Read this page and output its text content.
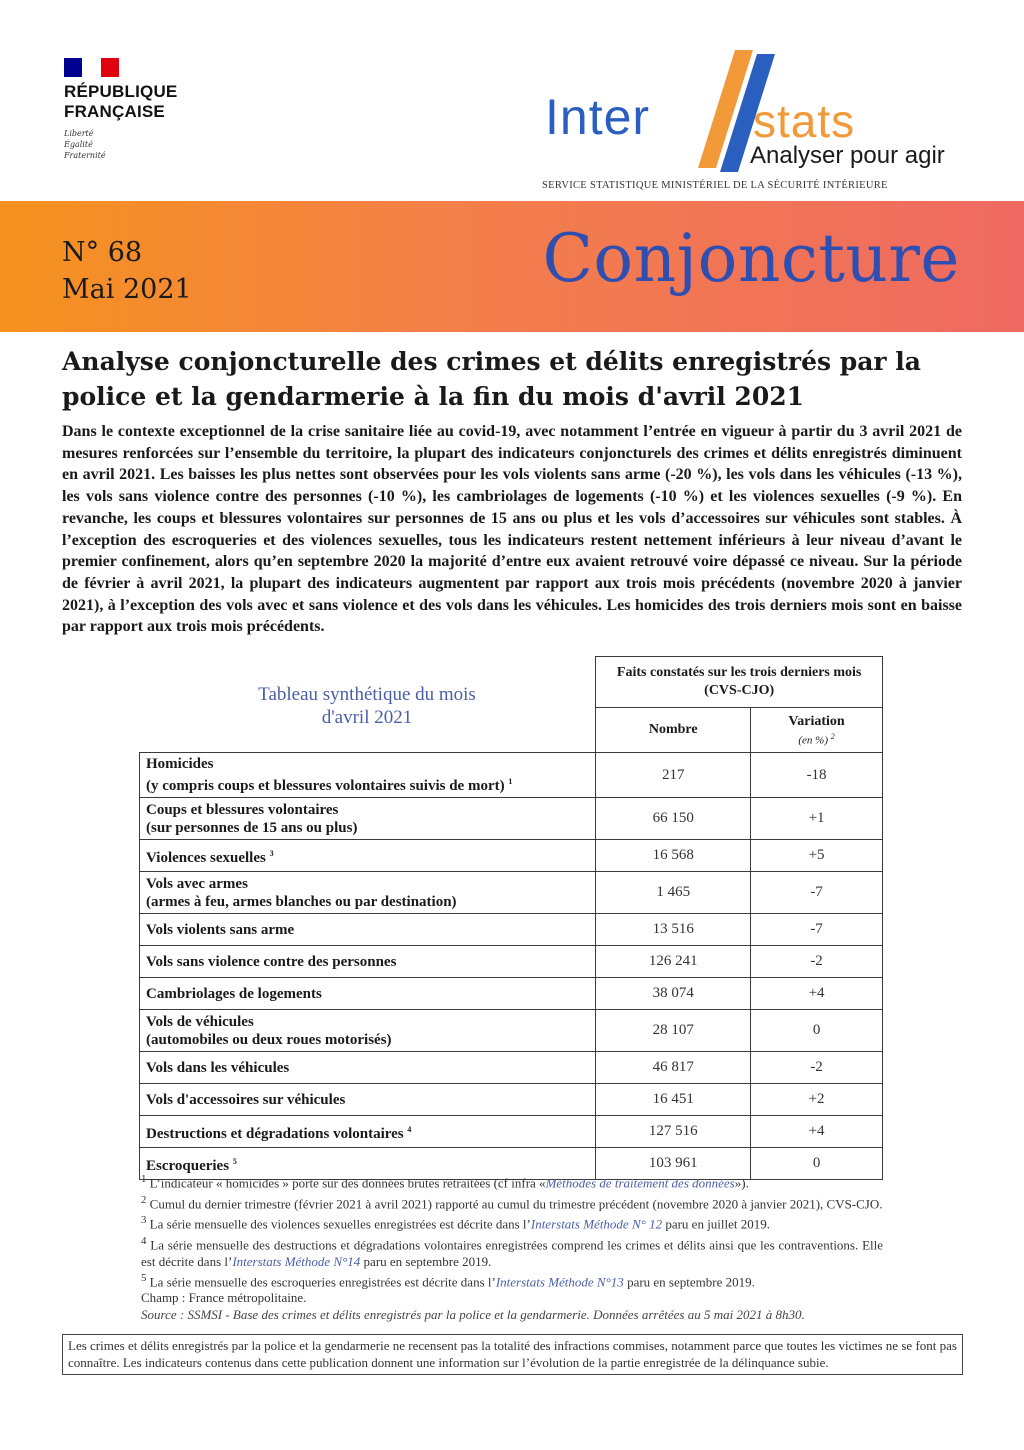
RÉPUBLIQUE
FRANÇAISE
Liberté
Égalité
Fraternité
Inter stats
Analyser pour agir
SERVICE STATISTIQUE MINISTÉRIEL DE LA SÉCURITÉ INTÉRIEURE
N° 68
Mai 2021	Conjoncture
Analyse conjoncturelle des crimes et délits enregistrés par la police et la gendarmerie à la fin du mois d'avril 2021

Dans le contexte exceptionnel de la crise sanitaire liée au covid-19, avec notamment l’entrée en vigueur à partir du 3 avril 2021 de mesures renforcées sur l’ensemble du territoire, la plupart des indicateurs conjoncturels des crimes et délits enregistrés diminuent en avril 2021. Les baisses les plus nettes sont observées pour les vols violents sans arme (-20 %), les vols dans les véhicules (-13 %), les vols sans violence contre des personnes (-10 %), les cambriolages de logements (-10 %) et les violences sexuelles (-9 %). En revanche, les coups et blessures volontaires sur personnes de 15 ans ou plus et les vols d’accessoires sur véhicules sont stables. À l’exception des escroqueries et des violences sexuelles, tous les indicateurs restent nettement inférieurs à leur niveau d’avant le premier confinement, alors qu’en septembre 2020 la majorité d’entre eux avaient retrouvé voire dépassé ce niveau. Sur la période de février à avril 2021, la plupart des indicateurs augmentent par rapport aux trois mois précédents (novembre 2020 à janvier 2021), à l’exception des vols avec et sans violence et des vols dans les véhicules. Les homicides des trois derniers mois sont en baisse par rapport aux trois mois précédents.

Tableau synthétique du mois
d'avril 2021
	Faits constatés sur les trois derniers mois (CVS-CJO)	
	Nombre	Variation
(en %) $^2$

Homicides
(y compris coups et blessures volontaires suivis de mort) $^1$	217	-18
Coups et blessures volontaires
(sur personnes de 15 ans ou plus)	66 150	+1
Violences sexuelles $^3$	16 568	+5
Vols avec armes
(armes à feu, armes blanches ou par destination)	1 465	-7
Vols violents sans arme	13 516	-7
Vols sans violence contre des personnes	126 241	-2
Cambriolages de logements	38 074	+4
Vols de véhicules
(automobiles ou deux roues motorisés)	28 107	0
Vols dans les véhicules	46 817	-2
Vols d'accessoires sur véhicules	16 451	+2
Destructions et dégradations volontaires $^4$	127 516	+4
Escroqueries $^5$	103 961	0

$^1$ L’indicateur « homicides » porte sur des données brutes retraitées (cf infra «Méthodes de traitement des données»).

$^2$ Cumul du dernier trimestre (février 2021 à avril 2021) rapporté au cumul du trimestre précédent (novembre 2020 à janvier 2021), CVS-CJO.

$^3$ La série mensuelle des violences sexuelles enregistrées est décrite dans l’Interstats Méthode N° 12 paru en juillet 2019.

$^4$ La série mensuelle des destructions et dégradations volontaires enregistrées comprend les crimes et délits ainsi que les contraventions. Elle est décrite dans l’Interstats Méthode N°14 paru en septembre 2019.

$^5$ La série mensuelle des escroqueries enregistrées est décrite dans l’Interstats Méthode N°13 paru en septembre 2019.

Champ : France métropolitaine.

Source : SSMSI - Base des crimes et délits enregistrés par la police et la gendarmerie. Données arrêtées au 5 mai 2021 à 8h30.

Les crimes et délits enregistrés par la police et la gendarmerie ne recensent pas la totalité des infractions commises, notamment parce que toutes les victimes ne se font pas connaître. Les indicateurs contenus dans cette publication donnent une information sur l’évolution de la partie enregistrée de la délinquance subie.
